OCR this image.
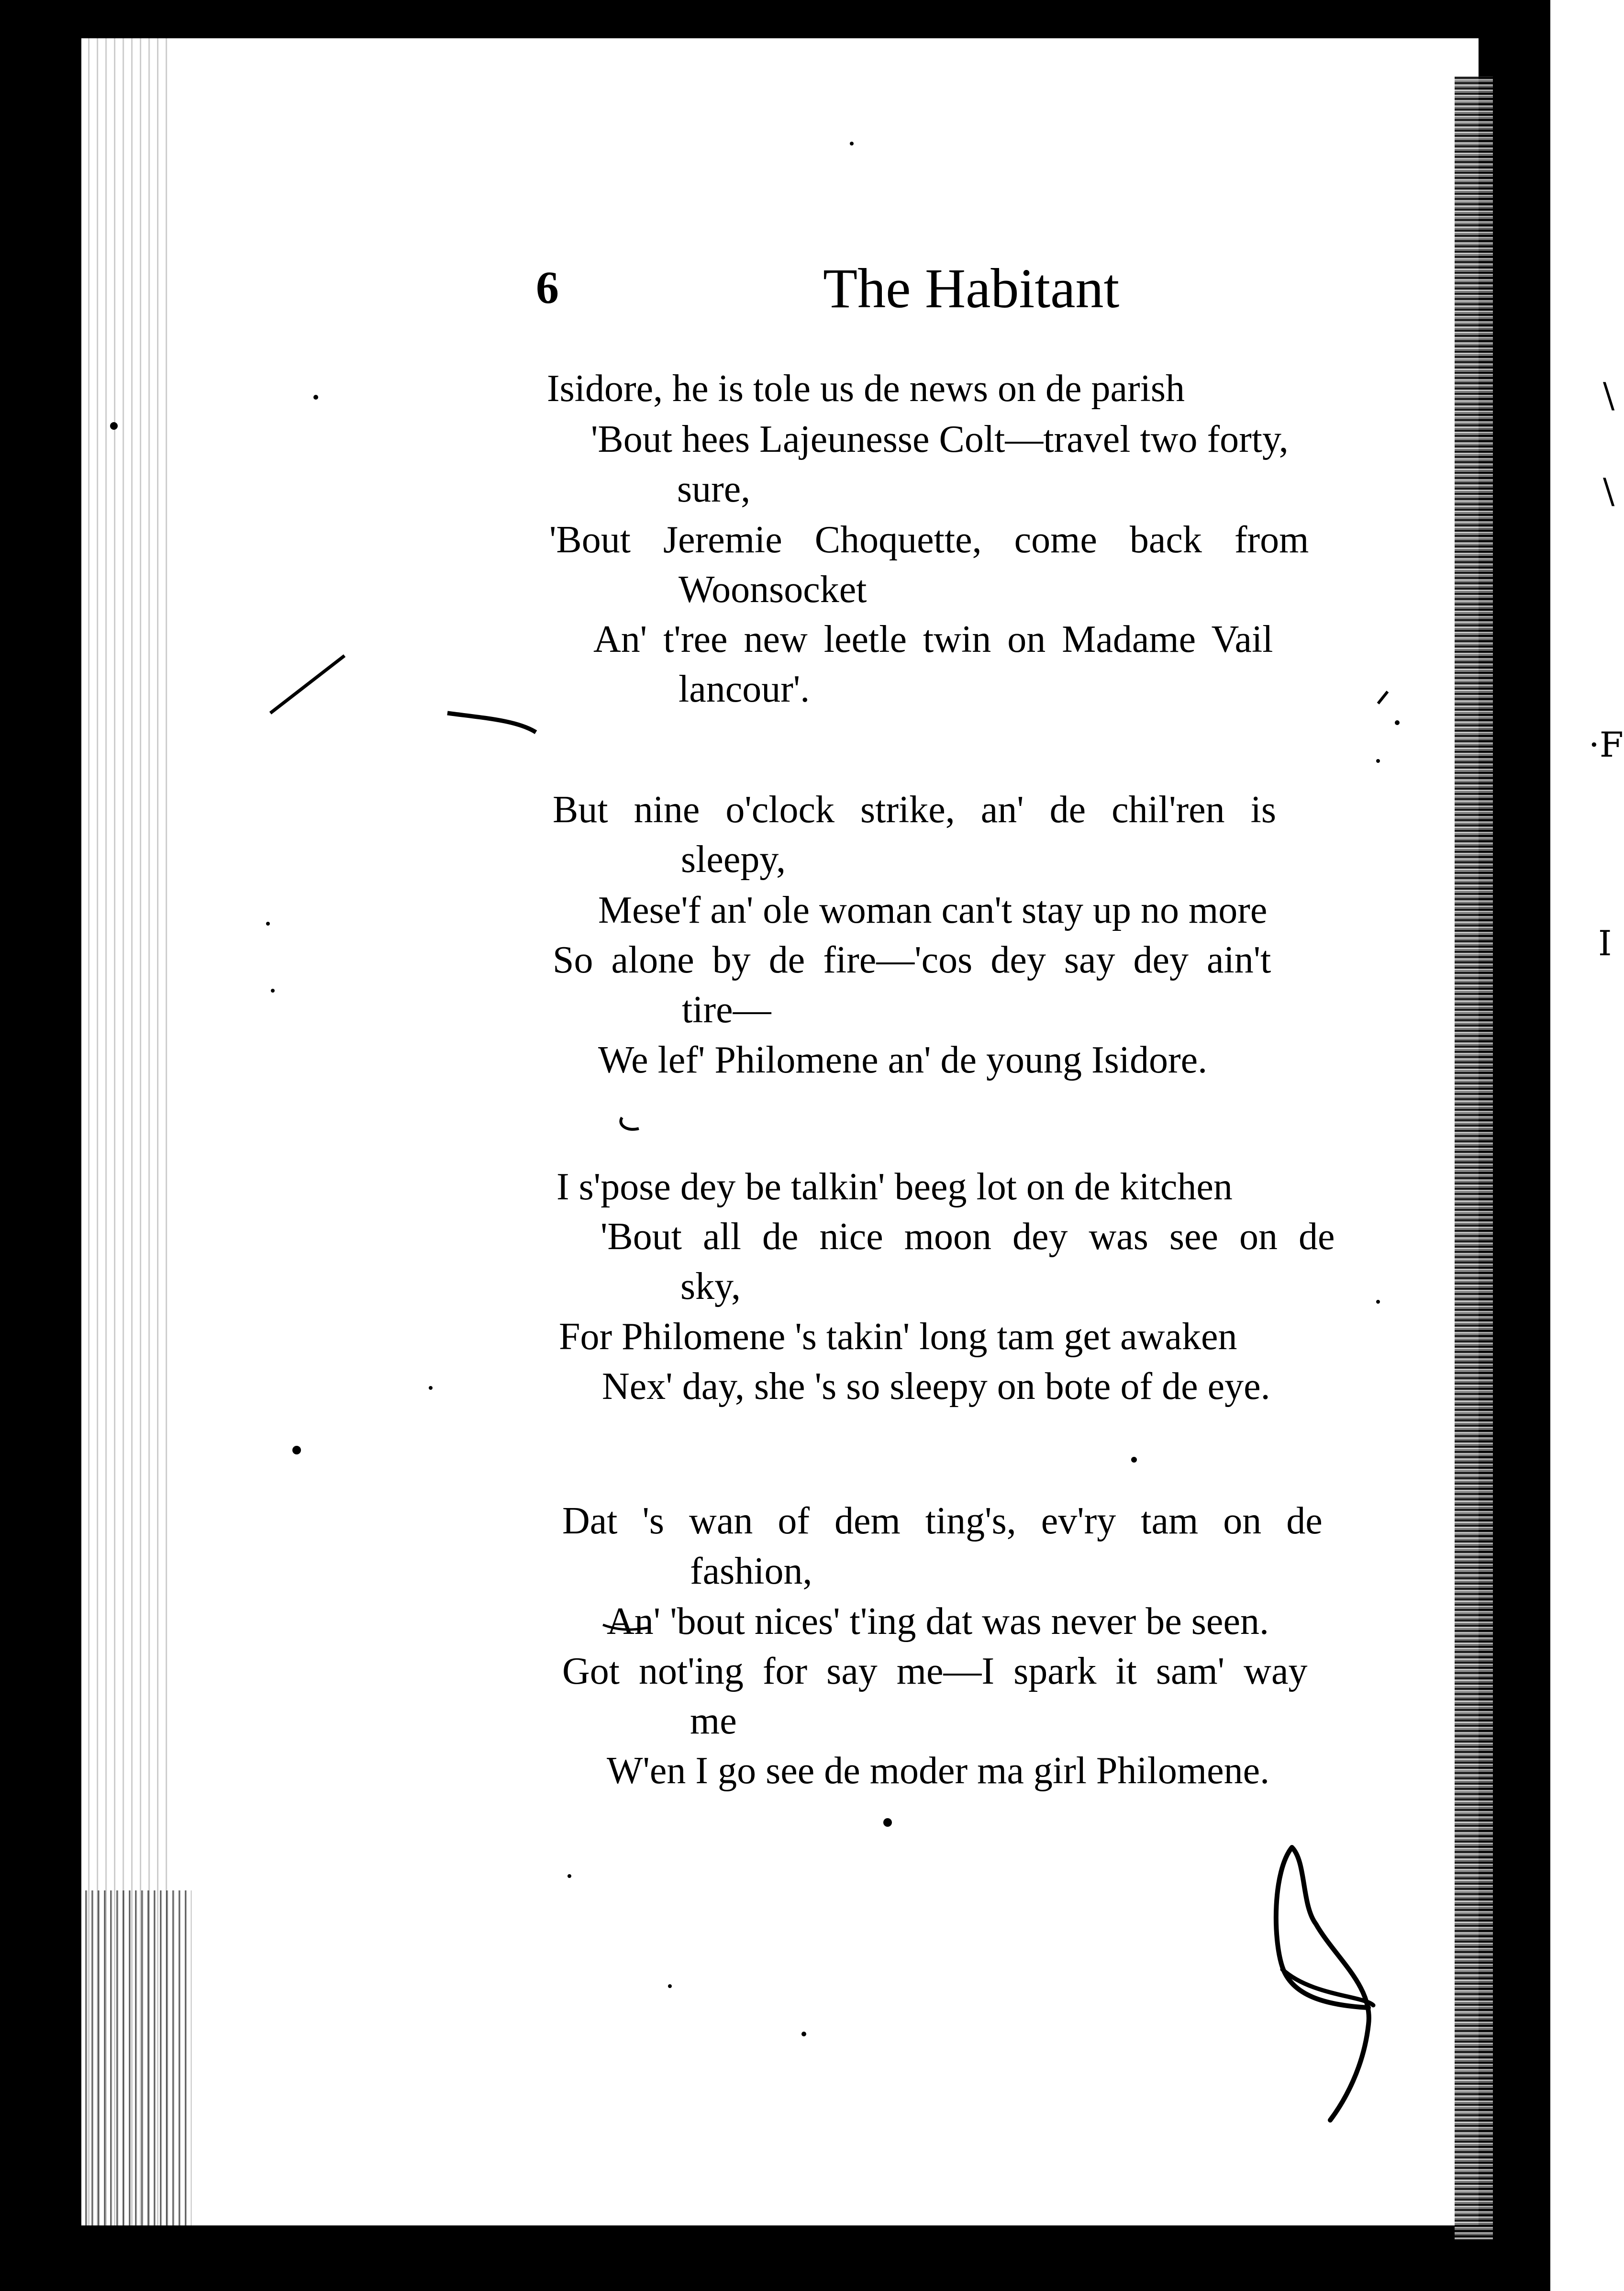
\
\
·F
I
6	The Habitant
Isidore, he is tole us de news on de parish
'Bout hees Lajeunesse Colt—travel two forty,
sure,
'Bout Jeremie Choquette, come back from
Woonsocket
An' t'ree new leetle twin on Madame Vail
lancour'.
But nine o'clock strike, an' de chil'ren is
sleepy,
Mese'f an' ole woman can't stay up no more
So alone by de fire—'cos dey say dey ain't
tire—
We lef' Philomene an' de young Isidore.
I s'pose dey be talkin' beeg lot on de kitchen
'Bout all de nice moon dey was see on de
sky,
For Philomene 's takin' long tam get awaken
Nex' day, she 's so sleepy on bote of de eye.
Dat 's wan of dem ting's, ev'ry tam on de
fashion,
An' 'bout nices' t'ing dat was never be seen.
Got not'ing for say me—I spark it sam' way
me
W'en I go see de moder ma girl Philomene.
